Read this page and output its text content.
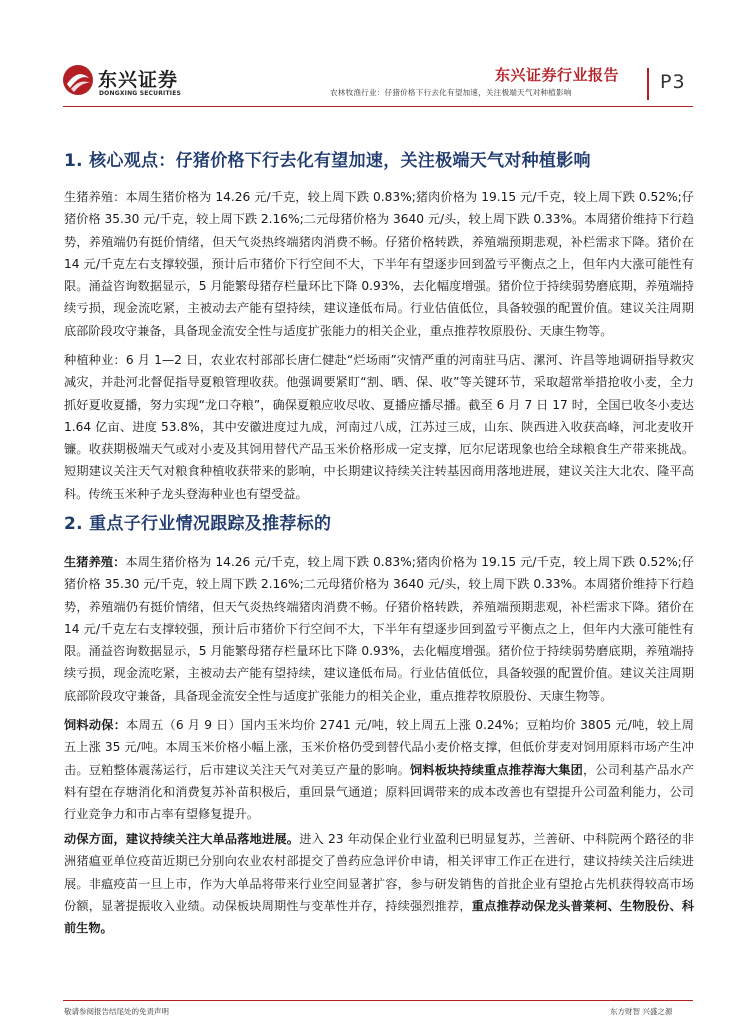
东兴证券
DONGXING SECURITIES
东兴证券行业报告
农林牧渔行业：仔猪价格下行去化有望加速，关注极端天气对种植影响	P3
1. 核心观点：仔猪价格下行去化有望加速，关注极端天气对种植影响
生猪养殖：本周生猪价格为 14.26 元/千克，较上周下跌 0.83%;猪肉价格为 19.15 元/千克，较上周下跌 0.52%;仔猪价格 35.30 元/千克，较上周下跌 2.16%;二元母猪价格为 3640 元/头，较上周下跌 0.33%。本周猪价维持下行趋势，养殖端仍有挺价情绪，但天气炎热终端猪肉消费不畅。仔猪价格转跌，养殖端预期悲观，补栏需求下降。猪价在 14 元/千克左右支撑较强，预计后市猪价下行空间不大，下半年有望逐步回到盈亏平衡点之上，但年内大涨可能性有限。涌益咨询数据显示，5 月能繁母猪存栏量环比下降 0.93%，去化幅度增强。猪价位于持续弱势磨底期，养殖端持续亏损，现金流吃紧，主被动去产能有望持续，建议逢低布局。行业估值低位，具备较强的配置价值。建议关注周期底部阶段攻守兼备，具备现金流安全性与适度扩张能力的相关企业，重点推荐牧原股份、天康生物等。
种植种业：6 月 1—2 日，农业农村部部长唐仁健赴“烂场雨”灾情严重的河南驻马店、漯河、许昌等地调研指导救灾减灾，并赴河北督促指导夏粮管理收获。他强调要紧盯“割、晒、保、收”等关键环节，采取超常举措抢收小麦，全力抓好夏收夏播，努力实现“龙口夺粮”，确保夏粮应收尽收、夏播应播尽播。截至 6 月 7 日 17 时，全国已收冬小麦达 1.64 亿亩、进度 53.8%，其中安徽进度过九成，河南过八成，江苏过三成，山东、陕西进入收获高峰，河北麦收开镰。收获期极端天气或对小麦及其饲用替代产品玉米价格形成一定支撑，厄尔尼诺现象也给全球粮食生产带来挑战。短期建议关注天气对粮食种植收获带来的影响，中长期建议持续关注转基因商用落地进展，建议关注大北农、隆平高科。传统玉米种子龙头登海种业也有望受益。
2. 重点子行业情况跟踪及推荐标的
生猪养殖：本周生猪价格为 14.26 元/千克，较上周下跌 0.83%;猪肉价格为 19.15 元/千克，较上周下跌 0.52%;仔猪价格 35.30 元/千克，较上周下跌 2.16%;二元母猪价格为 3640 元/头，较上周下跌 0.33%。本周猪价维持下行趋势，养殖端仍有挺价情绪，但天气炎热终端猪肉消费不畅。仔猪价格转跌，养殖端预期悲观，补栏需求下降。猪价在 14 元/千克左右支撑较强，预计后市猪价下行空间不大，下半年有望逐步回到盈亏平衡点之上，但年内大涨可能性有限。涌益咨询数据显示，5 月能繁母猪存栏量环比下降 0.93%，去化幅度增强。猪价位于持续弱势磨底期，养殖端持续亏损，现金流吃紧，主被动去产能有望持续，建议逢低布局。行业估值低位，具备较强的配置价值。建议关注周期底部阶段攻守兼备，具备现金流安全性与适度扩张能力的相关企业，重点推荐牧原股份、天康生物等。
饲料动保：本周五（6 月 9 日）国内玉米均价 2741 元/吨，较上周五上涨 0.24%；豆粕均价 3805 元/吨，较上周五上涨 35 元/吨。本周玉米价格小幅上涨，玉米价格仍受到替代品小麦价格支撑，但低价芽麦对饲用原料市场产生冲击。豆粕整体震荡运行，后市建议关注天气对美豆产量的影响。饲料板块持续重点推荐海大集团，公司利基产品水产料有望在存塘消化和消费复苏补苗积极后，重回景气通道；原料回调带来的成本改善也有望提升公司盈利能力，公司行业竞争力和市占率有望修复提升。
动保方面，建议持续关注大单品落地进展。进入 23 年动保企业行业盈利已明显复苏，兰善研、中科院两个路径的非洲猪瘟亚单位疫苗近期已分别向农业农村部提交了兽药应急评价申请，相关评审工作正在进行，建议持续关注后续进展。非瘟疫苗一旦上市，作为大单品将带来行业空间显著扩容，参与研发销售的首批企业有望抢占先机获得较高市场份额，显著提振收入业绩。动保板块周期性与变革性并存，持续强烈推荐，重点推荐动保龙头普莱柯、生物股份、科前生物。
敬请参阅报告结尾处的免责声明	东方财智 兴盛之源
